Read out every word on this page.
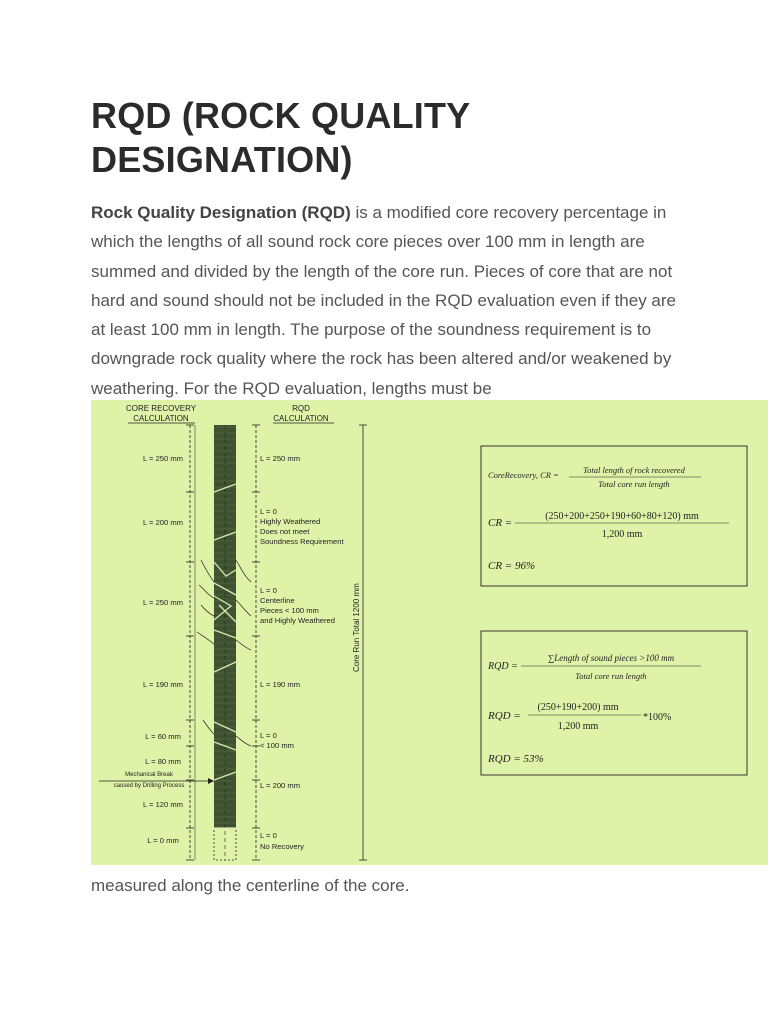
RQD (ROCK QUALITY DESIGNATION)

Rock Quality Designation (RQD) is a modified core recovery percentage in which the lengths of all sound rock core pieces over 100 mm in length are summed and divided by the length of the core run. Pieces of core that are not hard and sound should not be included in the RQD evaluation even if they are at least 100 mm in length. The purpose of the soundness requirement is to downgrade rock quality where the rock has been altered and/or weakened by weathering. For the RQD evaluation, lengths must be

CORE RECOVERY
CALCULATION
RQD
CALCULATION
L = 250 mm
L = 200 mm
L = 250 mm
L = 190 mm
L = 60 mm
L = 80 mm
L = 120 mm
L = 0 mm
Mechanical Break
caused by Drilling Process
L = 250 mm
L = 0
Highly Weathered
Does not meet
Soundness Requirement
L = 0
Centerline
Pieces < 100 mm
and Highly Weathered
L = 190 mm
L = 0
< 100 mm
L = 200 mm
L = 0
No Recovery
Core Run Total 1200 mm
CoreRecovery, CR =	Total length of rock recovered
Total core run length
CR =
(250+200+250+190+60+80+120) mm
1,200 mm
CR = 96%
RQD =
∑Length of sound pieces >100 mm
Total core run length
RQD =
(250+190+200) mm
1,200 mm
*100%
RQD = 53%

measured along the centerline of the core.
